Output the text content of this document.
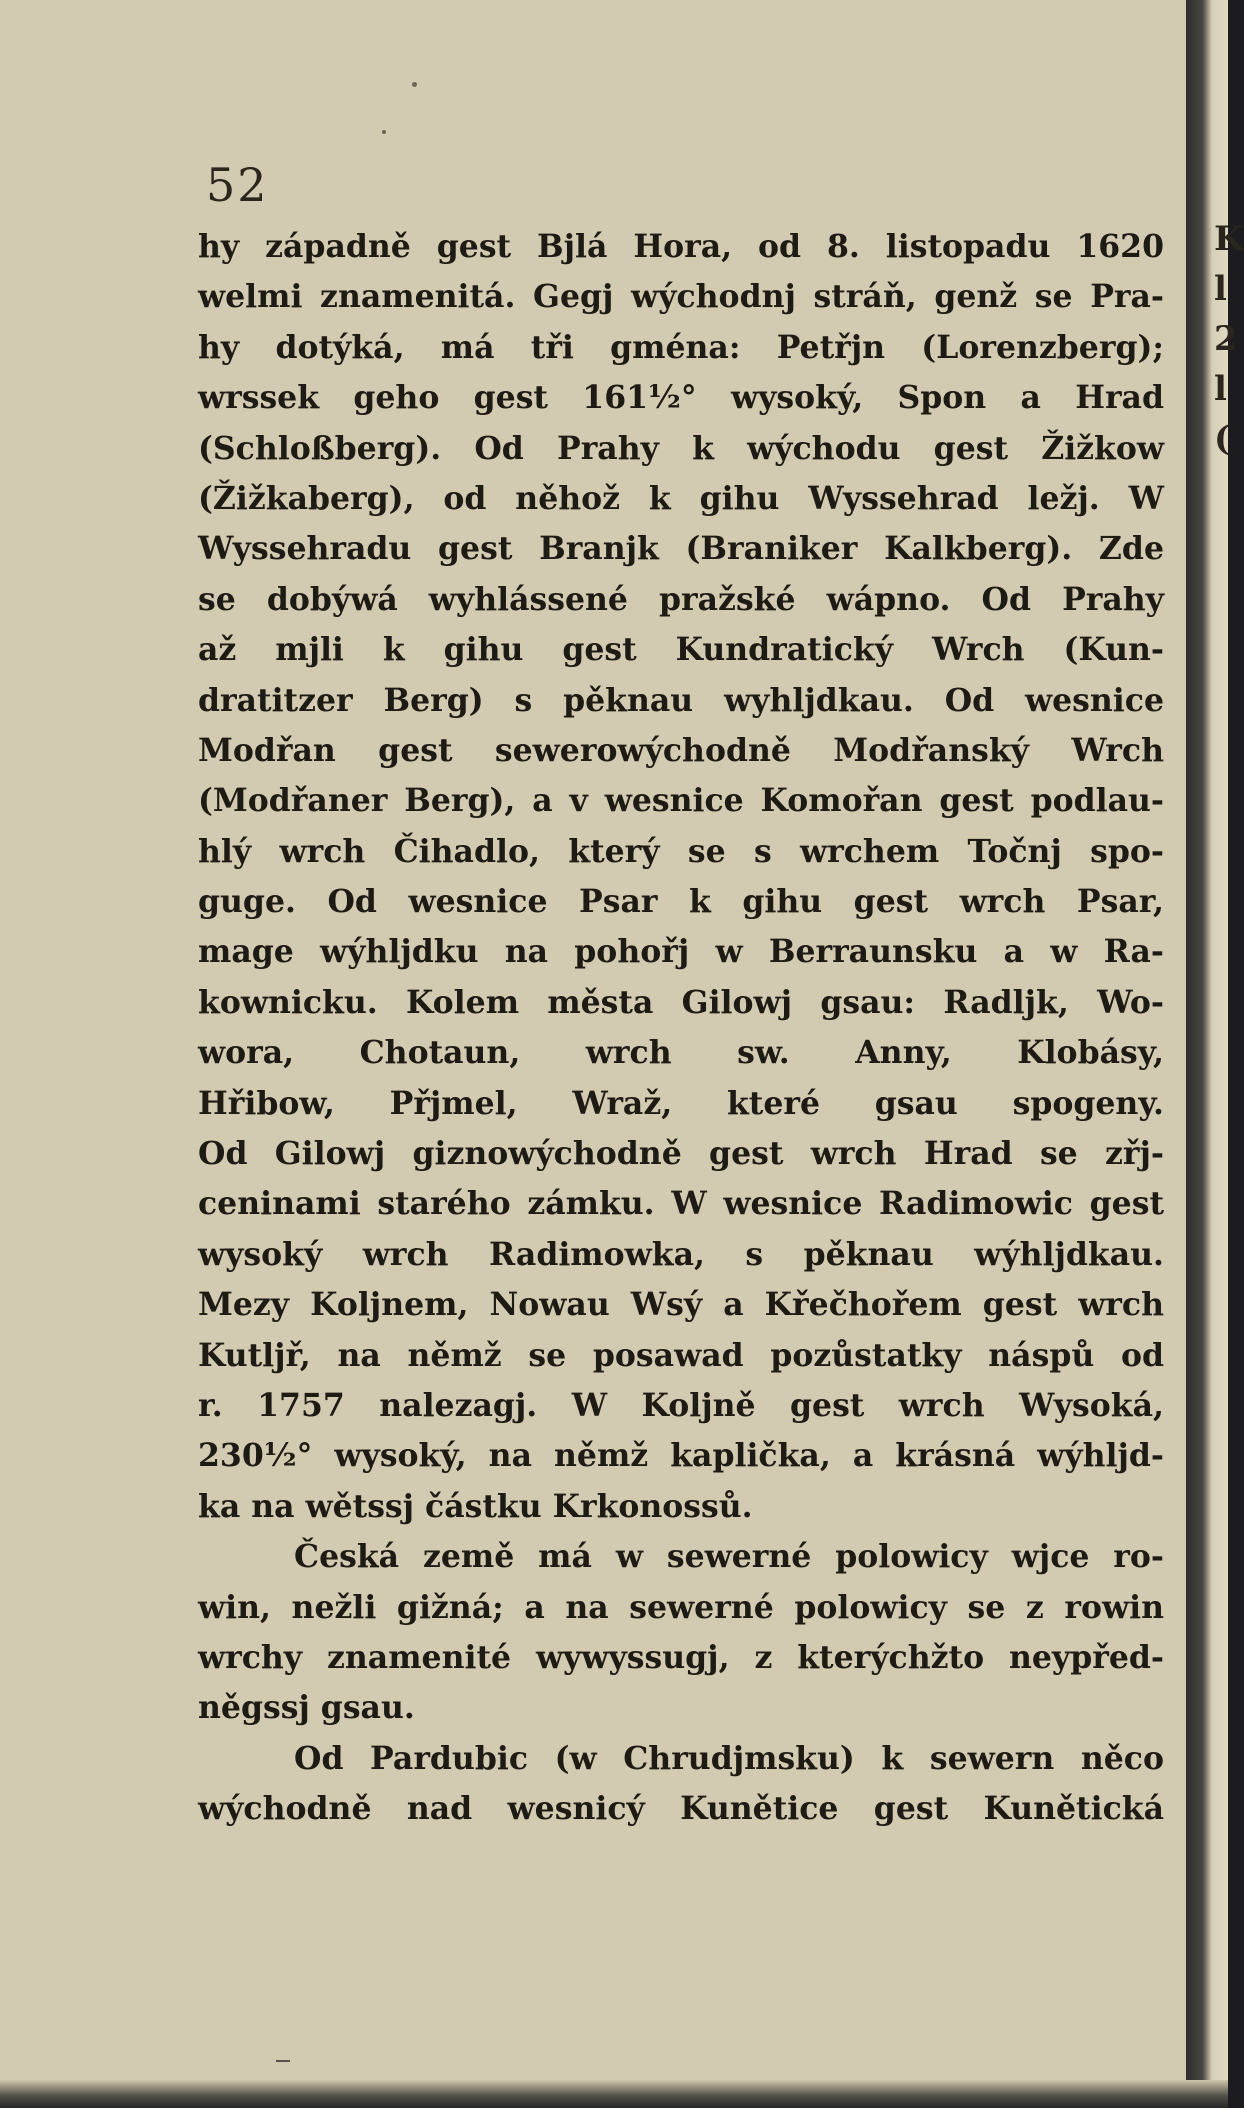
52
hy západně gest Bjlá Hora, od 8. listopadu 1620
welmi znamenitá. Gegj wýchodnj stráň, genž se Pra-
hy dotýká, má tři gména: Petřjn (Lorenzberg);
wrssek geho gest 161½° wysoký, Spon a Hrad
(Schloßberg). Od Prahy k wýchodu gest Žižkow
(Žižkaberg), od něhož k gihu Wyssehrad ležj. W
Wyssehradu gest Branjk (Braniker Kalkberg). Zde
se dobýwá wyhlássené pražské wápno. Od Prahy
až mjli k gihu gest Kundratický Wrch (Kun-
dratitzer Berg) s pěknau wyhljdkau. Od wesnice
Modřan gest sewerowýchodně Modřanský Wrch
(Modřaner Berg), a v wesnice Komořan gest podlau-
hlý wrch Čihadlo, který se s wrchem Točnj spo-
guge. Od wesnice Psar k gihu gest wrch Psar,
mage wýhljdku na pohořj w Berraunsku a w Ra-
kownicku. Kolem města Gilowj gsau: Radljk, Wo-
wora, Chotaun, wrch sw. Anny, Klobásy,
Hřibow, Přjmel, Wraž, které gsau spogeny.
Od Gilowj giznowýchodně gest wrch Hrad se zřj-
ceninami starého zámku. W wesnice Radimowic gest
wysoký wrch Radimowka, s pěknau wýhljdkau.
Mezy Koljnem, Nowau Wsý a Křečhořem gest wrch
Kutljř, na němž se posawad pozůstatky náspů od
r. 1757 nalezagj. W Koljně gest wrch Wysoká,
230½° wysoký, na němž kaplička, a krásná wýhljd-
ka na wětssj částku Krkonossů.
Česká země má w sewerné polowicy wjce ro-
win, nežli gižná; a na sewerné polowicy se z rowin
wrchy znamenité wywyssugj, z kterýchžto neypřed-
něgssj gsau.
Od Pardubic (w Chrudjmsku) k sewern něco
wýchodně nad wesnicý Kunětice gest Kunětická
K
l
2
l
(
